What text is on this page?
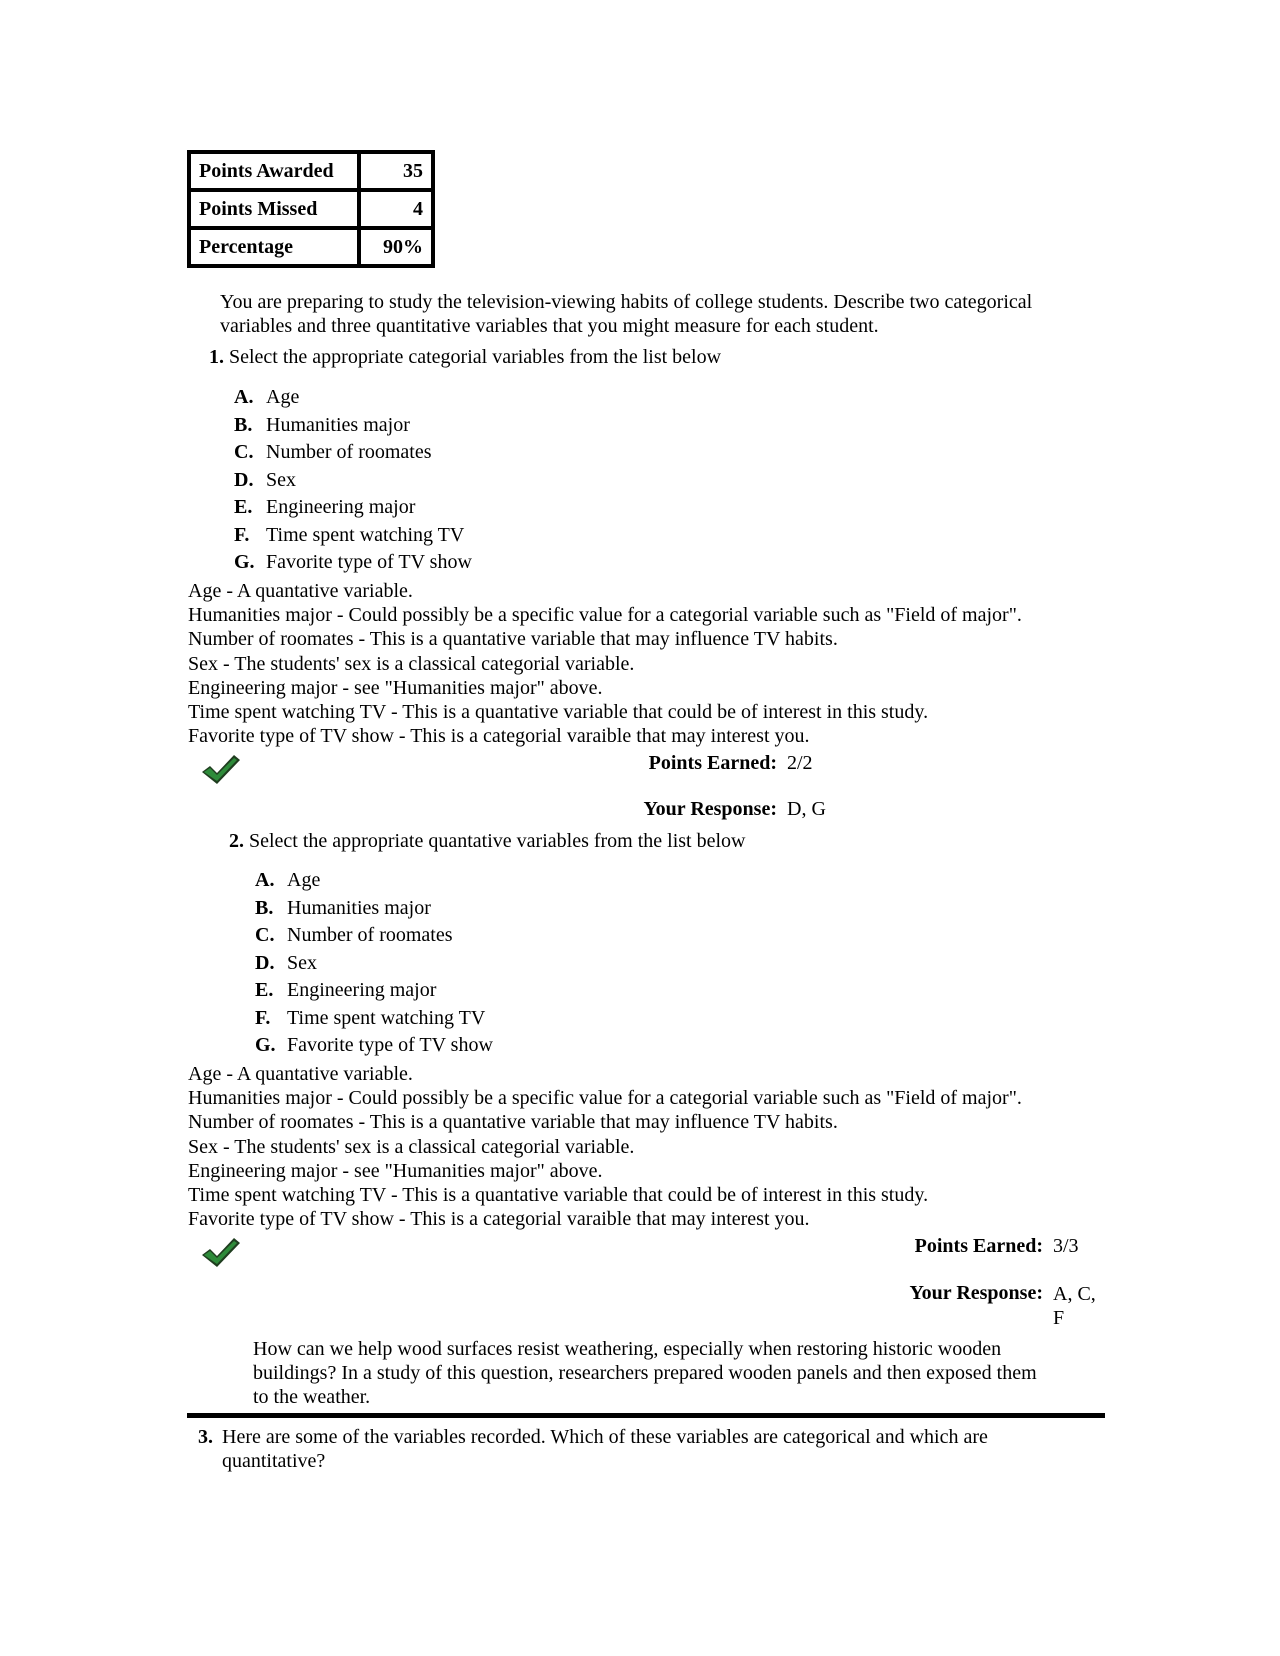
Points Awarded	35
Points Missed	4
Percentage	90%
You are preparing to study the television-viewing habits of college students. Describe two categorical variables and three quantitative variables that you might measure for each student.
1. Select the appropriate categorial variables from the list below
A. Age
B. Humanities major
C. Number of roomates
D. Sex
E. Engineering major
F. Time spent watching TV
G. Favorite type of TV show
Age - A quantative variable.
Humanities major - Could possibly be a specific value for a categorial variable such as "Field of major".
Number of roomates - This is a quantative variable that may influence TV habits.
Sex - The students' sex is a classical categorial variable.
Engineering major - see "Humanities major" above.
Time spent watching TV - This is a quantative variable that could be of interest in this study.
Favorite type of TV show - This is a categorial varaible that may interest you.
Points Earned: 2/2
Your Response: D, G
2. Select the appropriate quantative variables from the list below
A. Age
B. Humanities major
C. Number of roomates
D. Sex
E. Engineering major
F. Time spent watching TV
G. Favorite type of TV show
Age - A quantative variable.
Humanities major - Could possibly be a specific value for a categorial variable such as "Field of major".
Number of roomates - This is a quantative variable that may influence TV habits.
Sex - The students' sex is a classical categorial variable.
Engineering major - see "Humanities major" above.
Time spent watching TV - This is a quantative variable that could be of interest in this study.
Favorite type of TV show - This is a categorial varaible that may interest you.
Points Earned: 3/3
Your Response: A, C,
F
How can we help wood surfaces resist weathering, especially when restoring historic wooden buildings? In a study of this question, researchers prepared wooden panels and then exposed them to the weather.
3. Here are some of the variables recorded. Which of these variables are categorical and which are quantitative?
